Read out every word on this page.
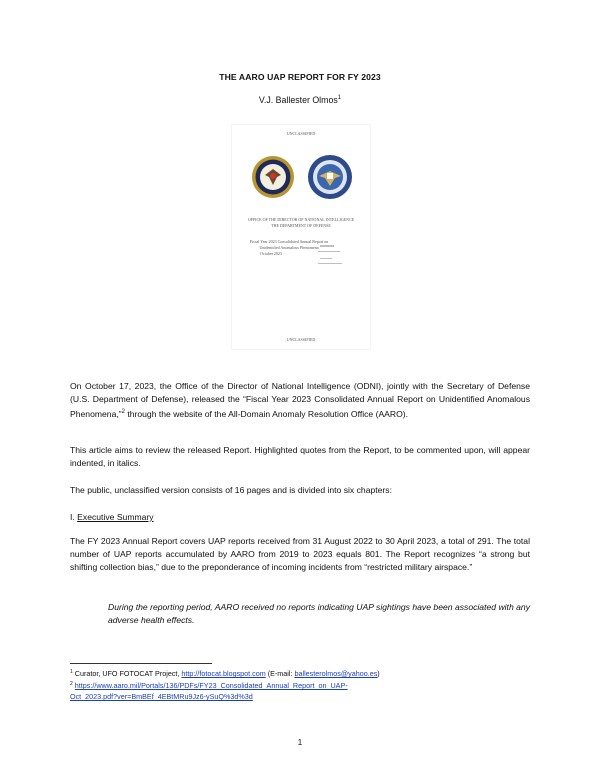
THE AARO UAP REPORT FOR FY 2023
V.J. Ballester Olmos$^1$
UNCLASSIFIED
OFFICE OF THE DIRECTOR OF NATIONAL INTELLIGENCE
THE DEPARTMENT OF DEFENSE
Fiscal Year 2023 Consolidated Annual Report on
Unidentified Anomalous Phenomena
October 2023
UNCLASSIFIED
On October 17, 2023, the Office of the Director of National Intelligence (ODNI), jointly with the Secretary of Defense (U.S. Department of Defense), released the “Fiscal Year 2023 Consolidated Annual Report on Unidentified Anomalous Phenomena,”$^2$ through the website of the All-Domain Anomaly Resolution Office (AARO).
This article aims to review the released Report. Highlighted quotes from the Report, to be commented upon, will appear indented, in italics.
The public, unclassified version consists of 16 pages and is divided into six chapters:
I. Executive Summary
The FY 2023 Annual Report covers UAP reports received from 31 August 2022 to 30 April 2023, a total of 291. The total number of UAP reports accumulated by AARO from 2019 to 2023 equals 801. The Report recognizes “a strong but shifting collection bias,” due to the preponderance of incoming incidents from “restricted military airspace.”
During the reporting period, AARO received no reports indicating UAP sightings have been associated with any adverse health effects.
$^1$ Curator, UFO FOTOCAT Project, http://fotocat.blogspot.com (E-mail: ballesterolmos@yahoo.es)
$^2$ https://www.aaro.mil/Portals/136/PDFs/FY23_Consolidated_Annual_Report_on_UAP-
Oct_2023.pdf?ver=BmBEf_4EBtMRu9Jz6-ySuQ%3d%3d
1
